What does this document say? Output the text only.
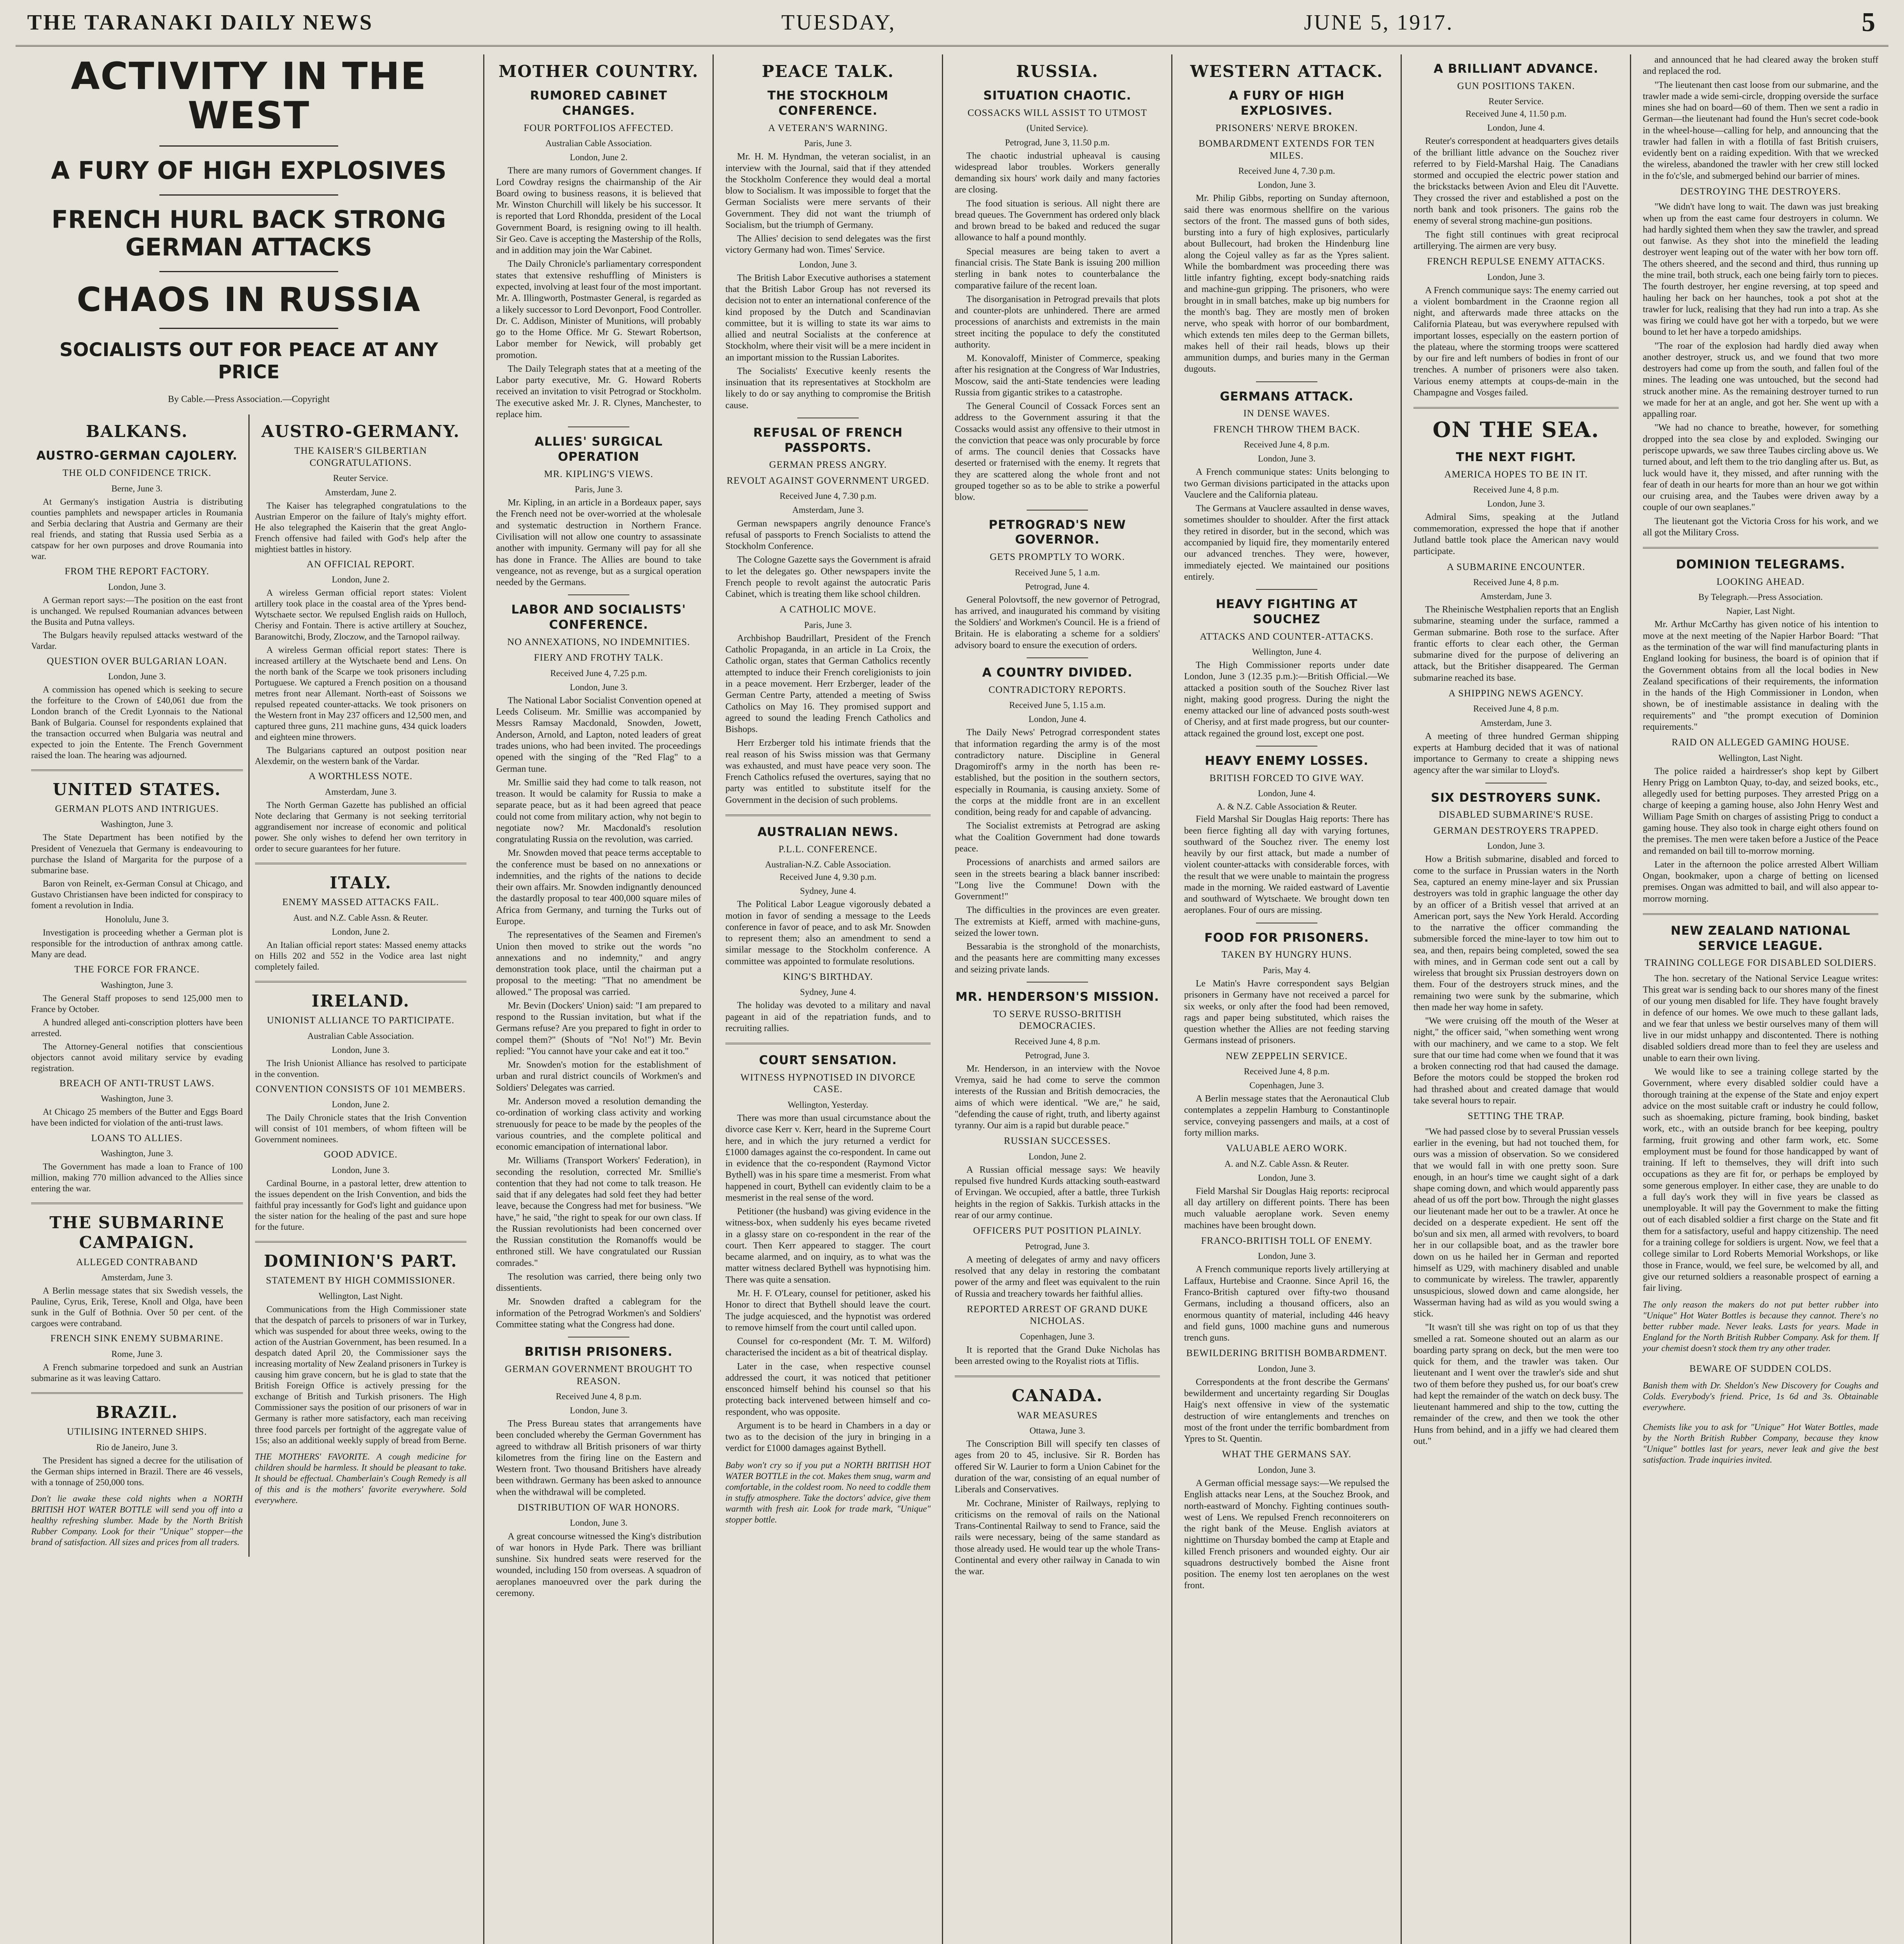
THE TARANAKI DAILY NEWS	TUESDAY,	JUNE 5, 1917.	5
ACTIVITY IN THE WEST
A FURY OF HIGH EXPLOSIVES
FRENCH HURL BACK STRONG GERMAN ATTACKS
CHAOS IN RUSSIA
SOCIALISTS OUT FOR PEACE AT ANY PRICE
By Cable.—Press Association.—Copyright
BALKANS.
AUSTRO-GERMAN CAJOLERY.
THE OLD CONFIDENCE TRICK.
Berne, June 3.

At Germany's instigation Austria is distributing counties pamphlets and newspaper articles in Roumania and Serbia declaring that Austria and Germany are their real friends, and stating that Russia used Serbia as a catspaw for her own purposes and drove Roumania into war.

FROM THE REPORT FACTORY.
London, June 3.

A German report says:—The position on the east front is unchanged. We repulsed Roumanian advances between the Busita and Putna valleys.

The Bulgars heavily repulsed attacks westward of the Vardar.

QUESTION OVER BULGARIAN LOAN.
London, June 3.

A commission has opened which is seeking to secure the forfeiture to the Crown of £40,061 due from the London branch of the Credit Lyonnais to the National Bank of Bulgaria. Counsel for respondents explained that the transaction occurred when Bulgaria was neutral and expected to join the Entente. The French Government raised the loan. The hearing was adjourned.

UNITED STATES.
GERMAN PLOTS AND INTRIGUES.
Washington, June 3.

The State Department has been notified by the President of Venezuela that Germany is endeavouring to purchase the Island of Margarita for the purpose of a submarine base.

Baron von Reinelt, ex-German Consul at Chicago, and Gustavo Christiansen have been indicted for conspiracy to foment a revolution in India.

Honolulu, June 3.

Investigation is proceeding whether a German plot is responsible for the introduction of anthrax among cattle. Many are dead.

THE FORCE FOR FRANCE.
Washington, June 3.

The General Staff proposes to send 125,000 men to France by October.

A hundred alleged anti-conscription plotters have been arrested.

The Attorney-General notifies that conscientious objectors cannot avoid military service by evading registration.

BREACH OF ANTI-TRUST LAWS.
Washington, June 3.

At Chicago 25 members of the Butter and Eggs Board have been indicted for violation of the anti-trust laws.

LOANS TO ALLIES.
Washington, June 3.

The Government has made a loan to France of 100 million, making 770 million advanced to the Allies since entering the war.

THE SUBMARINE CAMPAIGN.
ALLEGED CONTRABAND
Amsterdam, June 3.

A Berlin message states that six Swedish vessels, the Pauline, Cyrus, Erik, Terese, Knoll and Olga, have been sunk in the Gulf of Bothnia. Over 50 per cent. of the cargoes were contraband.

FRENCH SINK ENEMY SUBMARINE.
Rome, June 3.

A French submarine torpedoed and sunk an Austrian submarine as it was leaving Cattaro.

BRAZIL.
UTILISING INTERNED SHIPS.
Rio de Janeiro, June 3.

The President has signed a decree for the utilisation of the German ships interned in Brazil. There are 46 vessels, with a tonnage of 250,000 tons.

Don't lie awake these cold nights when a NORTH BRITISH HOT WATER BOTTLE will send you off into a healthy refreshing slumber. Made by the North British Rubber Company. Look for their "Unique" stopper—the brand of satisfaction. All sizes and prices from all traders.

AUSTRO-GERMANY.
THE KAISER'S GILBERTIAN CONGRATULATIONS.
Reuter Service.
Amsterdam, June 2.

The Kaiser has telegraphed congratulations to the Austrian Emperor on the failure of Italy's mighty effort. He also telegraphed the Kaiserin that the great Anglo-French offensive had failed with God's help after the mightiest battles in history.

AN OFFICIAL REPORT.
London, June 2.

A wireless German official report states: Violent artillery took place in the coastal area of the Ypres bend-Wytschaete sector. We repulsed English raids on Hulloch, Cherisy and Fontain. There is active artillery at Souchez, Baranowitchi, Brody, Zloczow, and the Tarnopol railway.

A wireless German official report states: There is increased artillery at the Wytschaete bend and Lens. On the north bank of the Scarpe we took prisoners including Portuguese. We captured a French position on a thousand metres front near Allemant. North-east of Soissons we repulsed repeated counter-attacks. We took prisoners on the Western front in May 237 officers and 12,500 men, and captured three guns, 211 machine guns, 434 quick loaders and eighteen mine throwers.

The Bulgarians captured an outpost position near Alexdemir, on the western bank of the Vardar.

A WORTHLESS NOTE.
Amsterdam, June 3.

The North German Gazette has published an official Note declaring that Germany is not seeking territorial aggrandisement nor increase of economic and political power. She only wishes to defend her own territory in order to secure guarantees for her future.

ITALY.
ENEMY MASSED ATTACKS FAIL.
Aust. and N.Z. Cable Assn. & Reuter.
London, June 2.

An Italian official report states: Massed enemy attacks on Hills 202 and 552 in the Vodice area last night completely failed.

IRELAND.
UNIONIST ALLIANCE TO PARTICIPATE.
Australian Cable Association.
London, June 3.

The Irish Unionist Alliance has resolved to participate in the convention.

CONVENTION CONSISTS OF 101 MEMBERS.
London, June 2.

The Daily Chronicle states that the Irish Convention will consist of 101 members, of whom fifteen will be Government nominees.

GOOD ADVICE.
London, June 3.

Cardinal Bourne, in a pastoral letter, drew attention to the issues dependent on the Irish Convention, and bids the faithful pray incessantly for God's light and guidance upon the sister nation for the healing of the past and sure hope for the future.

DOMINION'S PART.
STATEMENT BY HIGH COMMISSIONER.
Wellington, Last Night.

Communications from the High Commissioner state that the despatch of parcels to prisoners of war in Turkey, which was suspended for about three weeks, owing to the action of the Austrian Government, has been resumed. In a despatch dated April 20, the Commissioner says the increasing mortality of New Zealand prisoners in Turkey is causing him grave concern, but he is glad to state that the British Foreign Office is actively pressing for the exchange of British and Turkish prisoners. The High Commissioner says the position of our prisoners of war in Germany is rather more satisfactory, each man receiving three food parcels per fortnight of the aggregate value of 15s; also an additional weekly supply of bread from Berne.

THE MOTHERS' FAVORITE. A cough medicine for children should be harmless. It should be pleasant to take. It should be effectual. Chamberlain's Cough Remedy is all of this and is the mothers' favorite everywhere. Sold everywhere.

MOTHER COUNTRY.
RUMORED CABINET CHANGES.
FOUR PORTFOLIOS AFFECTED.
Australian Cable Association.
London, June 2.

There are many rumors of Government changes. If Lord Cowdray resigns the chairmanship of the Air Board owing to business reasons, it is believed that Mr. Winston Churchill will likely be his successor. It is reported that Lord Rhondda, president of the Local Government Board, is resigning owing to ill health. Sir Geo. Cave is accepting the Mastership of the Rolls, and in addition may join the War Cabinet.

The Daily Chronicle's parliamentary correspondent states that extensive reshuffling of Ministers is expected, involving at least four of the most important. Mr. A. Illingworth, Postmaster General, is regarded as a likely successor to Lord Devonport, Food Controller. Dr. C. Addison, Minister of Munitions, will probably go to the Home Office. Mr G. Stewart Robertson, Labor member for Newick, will probably get promotion.

The Daily Telegraph states that at a meeting of the Labor party executive, Mr. G. Howard Roberts received an invitation to visit Petrograd or Stockholm. The executive asked Mr. J. R. Clynes, Manchester, to replace him.

ALLIES' SURGICAL OPERATION
MR. KIPLING'S VIEWS.
Paris, June 3.

Mr. Kipling, in an article in a Bordeaux paper, says the French need not be over-worried at the wholesale and systematic destruction in Northern France. Civilisation will not allow one country to assassinate another with impunity. Germany will pay for all she has done in France. The Allies are bound to take vengeance, not as revenge, but as a surgical operation needed by the Germans.

LABOR AND SOCIALISTS' CONFERENCE.
NO ANNEXATIONS, NO INDEMNITIES.
FIERY AND FROTHY TALK.
Received June 4, 7.25 p.m.
London, June 3.

The National Labor Socialist Convention opened at Leeds Coliseum. Mr. Smillie was accompanied by Messrs Ramsay Macdonald, Snowden, Jowett, Anderson, Arnold, and Lapton, noted leaders of great trades unions, who had been invited. The proceedings opened with the singing of the "Red Flag" to a German tune.

Mr. Smillie said they had come to talk reason, not treason. It would be calamity for Russia to make a separate peace, but as it had been agreed that peace could not come from military action, why not begin to negotiate now? Mr. Macdonald's resolution congratulating Russia on the revolution, was carried.

Mr. Snowden moved that peace terms acceptable to the conference must be based on no annexations or indemnities, and the rights of the nations to decide their own affairs. Mr. Snowden indignantly denounced the dastardly proposal to tear 400,000 square miles of Africa from Germany, and turning the Turks out of Europe.

The representatives of the Seamen and Firemen's Union then moved to strike out the words "no annexations and no indemnity," and angry demonstration took place, until the chairman put a proposal to the meeting: "That no amendment be allowed." The proposal was carried.

Mr. Bevin (Dockers' Union) said: "I am prepared to respond to the Russian invitation, but what if the Germans refuse? Are you prepared to fight in order to compel them?" (Shouts of "No! No!") Mr. Bevin replied: "You cannot have your cake and eat it too."

Mr. Snowden's motion for the establishment of urban and rural district councils of Workmen's and Soldiers' Delegates was carried.

Mr. Anderson moved a resolution demanding the co-ordination of working class activity and working strenuously for peace to be made by the peoples of the various countries, and the complete political and economic emancipation of international labor.

Mr. Williams (Transport Workers' Federation), in seconding the resolution, corrected Mr. Smillie's contention that they had not come to talk treason. He said that if any delegates had sold feet they had better leave, because the Congress had met for business. "We have," he said, "the right to speak for our own class. If the Russian revolutionists had been concerned over the Russian constitution the Romanoffs would be enthroned still. We have congratulated our Russian comrades."

The resolution was carried, there being only two dissentients.

Mr. Snowden drafted a cablegram for the information of the Petrograd Workmen's and Soldiers' Committee stating what the Congress had done.

BRITISH PRISONERS.
GERMAN GOVERNMENT BROUGHT TO REASON.
Received June 4, 8 p.m.
London, June 3.

The Press Bureau states that arrangements have been concluded whereby the German Government has agreed to withdraw all British prisoners of war thirty kilometres from the firing line on the Eastern and Western front. Two thousand Britishers have already been withdrawn. Germany has been asked to announce when the withdrawal will be completed.

DISTRIBUTION OF WAR HONORS.
London, June 3.

A great concourse witnessed the King's distribution of war honors in Hyde Park. There was brilliant sunshine. Six hundred seats were reserved for the wounded, including 150 from overseas. A squadron of aeroplanes manoeuvred over the park during the ceremony.

PEACE TALK.
THE STOCKHOLM CONFERENCE.
A VETERAN'S WARNING.
Paris, June 3.

Mr. H. M. Hyndman, the veteran socialist, in an interview with the Journal, said that if they attended the Stockholm Conference they would deal a mortal blow to Socialism. It was impossible to forget that the German Socialists were mere servants of their Government. They did not want the triumph of Socialism, but the triumph of Germany.

The Allies' decision to send delegates was the first victory Germany had won. Times' Service.

London, June 3.

The British Labor Executive authorises a statement that the British Labor Group has not reversed its decision not to enter an international conference of the kind proposed by the Dutch and Scandinavian committee, but it is willing to state its war aims to allied and neutral Socialists at the conference at Stockholm, where their visit will be a mere incident in an important mission to the Russian Laborites.

The Socialists' Executive keenly resents the insinuation that its representatives at Stockholm are likely to do or say anything to compromise the British cause.

REFUSAL OF FRENCH PASSPORTS.
GERMAN PRESS ANGRY.
REVOLT AGAINST GOVERNMENT URGED.
Received June 4, 7.30 p.m.
Amsterdam, June 3.

German newspapers angrily denounce France's refusal of passports to French Socialists to attend the Stockholm Conference.

The Cologne Gazette says the Government is afraid to let the delegates go. Other newspapers invite the French people to revolt against the autocratic Paris Cabinet, which is treating them like school children.

A CATHOLIC MOVE.
Paris, June 3.

Archbishop Baudrillart, President of the French Catholic Propaganda, in an article in La Croix, the Catholic organ, states that German Catholics recently attempted to induce their French coreligionists to join in a peace movement. Herr Erzberger, leader of the German Centre Party, attended a meeting of Swiss Catholics on May 16. They promised support and agreed to sound the leading French Catholics and Bishops.

Herr Erzberger told his intimate friends that the real reason of his Swiss mission was that Germany was exhausted, and must have peace very soon. The French Catholics refused the overtures, saying that no party was entitled to substitute itself for the Government in the decision of such problems.

AUSTRALIAN NEWS.
P.L.L. CONFERENCE.
Australian-N.Z. Cable Association.
Received June 4, 9.30 p.m.
Sydney, June 4.

The Political Labor League vigorously debated a motion in favor of sending a message to the Leeds conference in favor of peace, and to ask Mr. Snowden to represent them; also an amendment to send a similar message to the Stockholm conference. A committee was appointed to formulate resolutions.

KING'S BIRTHDAY.
Sydney, June 4.

The holiday was devoted to a military and naval pageant in aid of the repatriation funds, and to recruiting rallies.

COURT SENSATION.
WITNESS HYPNOTISED IN DIVORCE CASE.
Wellington, Yesterday.

There was more than usual circumstance about the divorce case Kerr v. Kerr, heard in the Supreme Court here, and in which the jury returned a verdict for £1000 damages against the co-respondent. In came out in evidence that the co-respondent (Raymond Victor Bythell) was in his spare time a mesmerist. From what happened in court, Bythell can evidently claim to be a mesmerist in the real sense of the word.

Petitioner (the husband) was giving evidence in the witness-box, when suddenly his eyes became riveted in a glassy stare on co-respondent in the rear of the court. Then Kerr appeared to stagger. The court became alarmed, and on inquiry, as to what was the matter witness declared Bythell was hypnotising him. There was quite a sensation.

Mr. H. F. O'Leary, counsel for petitioner, asked his Honor to direct that Bythell should leave the court. The judge acquiesced, and the hypnotist was ordered to remove himself from the court until called upon.

Counsel for co-respondent (Mr. T. M. Wilford) characterised the incident as a bit of theatrical display.

Later in the case, when respective counsel addressed the court, it was noticed that petitioner ensconced himself behind his counsel so that his protecting back intervened between himself and co-respondent, who was opposite.

Argument is to be heard in Chambers in a day or two as to the decision of the jury in bringing in a verdict for £1000 damages against Bythell.

Baby won't cry so if you put a NORTH BRITISH HOT WATER BOTTLE in the cot. Makes them snug, warm and comfortable, in the coldest room. No need to coddle them in stuffy atmosphere. Take the doctors' advice, give them warmth with fresh air. Look for trade mark, "Unique" stopper bottle.

RUSSIA.
SITUATION CHAOTIC.
COSSACKS WILL ASSIST TO UTMOST
(United Service).
Petrograd, June 3, 11.50 p.m.

The chaotic industrial upheaval is causing widespread labor troubles. Workers generally demanding six hours' work daily and many factories are closing.

The food situation is serious. All night there are bread queues. The Government has ordered only black and brown bread to be baked and reduced the sugar allowance to half a pound monthly.

Special measures are being taken to avert a financial crisis. The State Bank is issuing 200 million sterling in bank notes to counterbalance the comparative failure of the recent loan.

The disorganisation in Petrograd prevails that plots and counter-plots are unhindered. There are armed processions of anarchists and extremists in the main street inciting the populace to defy the constituted authority.

M. Konovaloff, Minister of Commerce, speaking after his resignation at the Congress of War Industries, Moscow, said the anti-State tendencies were leading Russia from gigantic strikes to a catastrophe.

The General Council of Cossack Forces sent an address to the Government assuring it that the Cossacks would assist any offensive to their utmost in the conviction that peace was only procurable by force of arms. The council denies that Cossacks have deserted or fraternised with the enemy. It regrets that they are scattered along the whole front and not grouped together so as to be able to strike a powerful blow.

PETROGRAD'S NEW GOVERNOR.
GETS PROMPTLY TO WORK.
Received June 5, 1 a.m.
Petrograd, June 4.

General Polovtsoff, the new governor of Petrograd, has arrived, and inaugurated his command by visiting the Soldiers' and Workmen's Council. He is a friend of Britain. He is elaborating a scheme for a soldiers' advisory board to ensure the execution of orders.

A COUNTRY DIVIDED.
CONTRADICTORY REPORTS.
Received June 5, 1.15 a.m.
London, June 4.

The Daily News' Petrograd correspondent states that information regarding the army is of the most contradictory nature. Discipline in General Dragomiroff's army in the north has been re-established, but the position in the southern sectors, especially in Roumania, is causing anxiety. Some of the corps at the middle front are in an excellent condition, being ready for and capable of advancing.

The Socialist extremists at Petrograd are asking what the Coalition Government had done towards peace.

Processions of anarchists and armed sailors are seen in the streets bearing a black banner inscribed: "Long live the Commune! Down with the Government!"

The difficulties in the provinces are even greater. The extremists at Kieff, armed with machine-guns, seized the lower town.

Bessarabia is the stronghold of the monarchists, and the peasants here are committing many excesses and seizing private lands.

MR. HENDERSON'S MISSION.
TO SERVE RUSSO-BRITISH DEMOCRACIES.
Received June 4, 8 p.m.
Petrograd, June 3.

Mr. Henderson, in an interview with the Novoe Vremya, said he had come to serve the common interests of the Russian and British democracies, the aims of which were identical. "We are," he said, "defending the cause of right, truth, and liberty against tyranny. Our aim is a rapid but durable peace."

RUSSIAN SUCCESSES.
London, June 2.

A Russian official message says: We heavily repulsed five hundred Kurds attacking south-eastward of Ervingan. We occupied, after a battle, three Turkish heights in the region of Sakkis. Turkish attacks in the rear of our army continue.

OFFICERS PUT POSITION PLAINLY.
Petrograd, June 3.

A meeting of delegates of army and navy officers resolved that any delay in restoring the combatant power of the army and fleet was equivalent to the ruin of Russia and treachery towards her faithful allies.

REPORTED ARREST OF GRAND DUKE NICHOLAS.
Copenhagen, June 3.

It is reported that the Grand Duke Nicholas has been arrested owing to the Royalist riots at Tiflis.

CANADA.
WAR MEASURES
Ottawa, June 3.

The Conscription Bill will specify ten classes of ages from 20 to 45, inclusive. Sir R. Borden has offered Sir W. Laurier to form a Union Cabinet for the duration of the war, consisting of an equal number of Liberals and Conservatives.

Mr. Cochrane, Minister of Railways, replying to criticisms on the removal of rails on the National Trans-Continental Railway to send to France, said the rails were necessary, being of the same standard as those already used. He would tear up the whole Trans-Continental and every other railway in Canada to win the war.

WESTERN ATTACK.
A FURY OF HIGH EXPLOSIVES.
PRISONERS' NERVE BROKEN.
BOMBARDMENT EXTENDS FOR TEN MILES.
Received June 4, 7.30 p.m.
London, June 3.

Mr. Philip Gibbs, reporting on Sunday afternoon, said there was enormous shellfire on the various sectors of the front. The massed guns of both sides, bursting into a fury of high explosives, particularly about Bullecourt, had broken the Hindenburg line along the Cojeul valley as far as the Ypres salient. While the bombardment was proceeding there was little infantry fighting, except body-snatching raids and machine-gun gripping. The prisoners, who were brought in in small batches, make up big numbers for the month's bag. They are mostly men of broken nerve, who speak with horror of our bombardment, which extends ten miles deep to the German billets, makes hell of their rail heads, blows up their ammunition dumps, and buries many in the German dugouts.

GERMANS ATTACK.
IN DENSE WAVES.
FRENCH THROW THEM BACK.
Received June 4, 8 p.m.
London, June 3.

A French communique states: Units belonging to two German divisions participated in the attacks upon Vauclere and the California plateau.

The Germans at Vauclere assaulted in dense waves, sometimes shoulder to shoulder. After the first attack they retired in disorder, but in the second, which was accompanied by liquid fire, they momentarily entered our advanced trenches. They were, however, immediately ejected. We maintained our positions entirely.

HEAVY FIGHTING AT SOUCHEZ
ATTACKS AND COUNTER-ATTACKS.
Wellington, June 4.

The High Commissioner reports under date London, June 3 (12.35 p.m.):—British Official.—We attacked a position south of the Souchez River last night, making good progress. During the night the enemy attacked our line of advanced posts south-west of Cherisy, and at first made progress, but our counter-attack regained the ground lost, except one post.

HEAVY ENEMY LOSSES.
BRITISH FORCED TO GIVE WAY.
London, June 4.
A. & N.Z. Cable Association & Reuter.

Field Marshal Sir Douglas Haig reports: There has been fierce fighting all day with varying fortunes, southward of the Souchez river. The enemy lost heavily by our first attack, but made a number of violent counter-attacks with considerable forces, with the result that we were unable to maintain the progress made in the morning. We raided eastward of Laventie and southward of Wytschaete. We brought down ten aeroplanes. Four of ours are missing.

FOOD FOR PRISONERS.
TAKEN BY HUNGRY HUNS.
Paris, May 4.

Le Matin's Havre correspondent says Belgian prisoners in Germany have not received a parcel for six weeks, or only after the food had been removed, rags and paper being substituted, which raises the question whether the Allies are not feeding starving Germans instead of prisoners.

NEW ZEPPELIN SERVICE.
Received June 4, 8 p.m.
Copenhagen, June 3.

A Berlin message states that the Aeronautical Club contemplates a zeppelin Hamburg to Constantinople service, conveying passengers and mails, at a cost of forty million marks.

VALUABLE AERO WORK.
A. and N.Z. Cable Assn. & Reuter.
London, June 3.

Field Marshal Sir Douglas Haig reports: reciprocal all day artillery on different points. There has been much valuable aeroplane work. Seven enemy machines have been brought down.

FRANCO-BRITISH TOLL OF ENEMY.
London, June 3.

A French communique reports lively artillerying at Laffaux, Hurtebise and Craonne. Since April 16, the Franco-British captured over fifty-two thousand Germans, including a thousand officers, also an enormous quantity of material, including 446 heavy and field guns, 1000 machine guns and numerous trench guns.

BEWILDERING BRITISH BOMBARDMENT.
London, June 3.

Correspondents at the front describe the Germans' bewilderment and uncertainty regarding Sir Douglas Haig's next offensive in view of the systematic destruction of wire entanglements and trenches on most of the front under the terrific bombardment from Ypres to St. Quentin.

WHAT THE GERMANS SAY.
London, June 3.

A German official message says:—We repulsed the English attacks near Lens, at the Souchez Brook, and north-eastward of Monchy. Fighting continues south-west of Lens. We repulsed French reconnoiterers on the right bank of the Meuse. English aviators at nighttime on Thursday bombed the camp at Etaple and killed French prisoners and wounded eighty. Our air squadrons destructively bombed the Aisne front position. The enemy lost ten aeroplanes on the west front.

A BRILLIANT ADVANCE.
GUN POSITIONS TAKEN.
Reuter Service.
Received June 4, 11.50 p.m.
London, June 4.

Reuter's correspondent at headquarters gives details of the brilliant little advance on the Souchez river referred to by Field-Marshal Haig. The Canadians stormed and occupied the electric power station and the brickstacks between Avion and Eleu dit l'Auvette. They crossed the river and established a post on the north bank and took prisoners. The gains rob the enemy of several strong machine-gun positions.

The fight still continues with great reciprocal artillerying. The airmen are very busy.

FRENCH REPULSE ENEMY ATTACKS.
London, June 3.

A French communique says: The enemy carried out a violent bombardment in the Craonne region all night, and afterwards made three attacks on the California Plateau, but was everywhere repulsed with important losses, especially on the eastern portion of the plateau, where the storming troops were scattered by our fire and left numbers of bodies in front of our trenches. A number of prisoners were also taken. Various enemy attempts at coups-de-main in the Champagne and Vosges failed.

ON THE SEA.
THE NEXT FIGHT.
AMERICA HOPES TO BE IN IT.
Received June 4, 8 p.m.
London, June 3.

Admiral Sims, speaking at the Jutland commemoration, expressed the hope that if another Jutland battle took place the American navy would participate.

A SUBMARINE ENCOUNTER.
Received June 4, 8 p.m.
Amsterdam, June 3.

The Rheinische Westphalien reports that an English submarine, steaming under the surface, rammed a German submarine. Both rose to the surface. After frantic efforts to clear each other, the German submarine dived for the purpose of delivering an attack, but the Britisher disappeared. The German submarine reached its base.

A SHIPPING NEWS AGENCY.
Received June 4, 8 p.m.
Amsterdam, June 3.

A meeting of three hundred German shipping experts at Hamburg decided that it was of national importance to Germany to create a shipping news agency after the war similar to Lloyd's.

SIX DESTROYERS SUNK.
DISABLED SUBMARINE'S RUSE.
GERMAN DESTROYERS TRAPPED.
London, June 3.

How a British submarine, disabled and forced to come to the surface in Prussian waters in the North Sea, captured an enemy mine-layer and six Prussian destroyers was told in graphic language the other day by an officer of a British vessel that arrived at an American port, says the New York Herald. According to the narrative the officer commanding the submersible forced the mine-layer to tow him out to sea, and then, repairs being completed, sowed the sea with mines, and in German code sent out a call by wireless that brought six Prussian destroyers down on them. Four of the destroyers struck mines, and the remaining two were sunk by the submarine, which then made her way home in safety.

"We were cruising off the mouth of the Weser at night," the officer said, "when something went wrong with our machinery, and we came to a stop. We felt sure that our time had come when we found that it was a broken connecting rod that had caused the damage. Before the motors could be stopped the broken rod had thrashed about and created damage that would take several hours to repair.

SETTING THE TRAP.

"We had passed close by to several Prussian vessels earlier in the evening, but had not touched them, for ours was a mission of observation. So we considered that we would fall in with one pretty soon. Sure enough, in an hour's time we caught sight of a dark shape coming down, and which would apparently pass ahead of us off the port bow. Through the night glasses our lieutenant made her out to be a trawler. At once he decided on a desperate expedient. He sent off the bo'sun and six men, all armed with revolvers, to board her in our collapsible boat, and as the trawler bore down on us he hailed her in German and reported himself as U29, with machinery disabled and unable to communicate by wireless. The trawler, apparently unsuspicious, slowed down and came alongside, her Wasserman having had as wild as you would swing a stick.

"It wasn't till she was right on top of us that they smelled a rat. Someone shouted out an alarm as our boarding party sprang on deck, but the men were too quick for them, and the trawler was taken. Our lieutenant and I went over the trawler's side and shut two of them before they pushed us, for our boat's crew had kept the remainder of the watch on deck busy. The lieutenant hammered and ship to the tow, cutting the remainder of the crew, and then we took the other Huns from behind, and in a jiffy we had cleared them out."

and announced that he had cleared away the broken stuff and replaced the rod.

"The lieutenant then cast loose from our submarine, and the trawler made a wide semi-circle, dropping overside the surface mines she had on board—60 of them. Then we sent a radio in German—the lieutenant had found the Hun's secret code-book in the wheel-house—calling for help, and announcing that the trawler had fallen in with a flotilla of fast British cruisers, evidently bent on a raiding expedition. With that we wrecked the wireless, abandoned the trawler with her crew still locked in the fo'c'sle, and submerged behind our barrier of mines.

DESTROYING THE DESTROYERS.

"We didn't have long to wait. The dawn was just breaking when up from the east came four destroyers in column. We had hardly sighted them when they saw the trawler, and spread out fanwise. As they shot into the minefield the leading destroyer went leaping out of the water with her bow torn off. The others sheered, and the second and third, thus running up the mine trail, both struck, each one being fairly torn to pieces. The fourth destroyer, her engine reversing, at top speed and hauling her back on her haunches, took a pot shot at the trawler for luck, realising that they had run into a trap. As she was firing we could have got her with a torpedo, but we were bound to let her have a torpedo amidships.

"The roar of the explosion had hardly died away when another destroyer, struck us, and we found that two more destroyers had come up from the south, and fallen foul of the mines. The leading one was untouched, but the second had struck another mine. As the remaining destroyer turned to run we made for her at an angle, and got her. She went up with a appalling roar.

"We had no chance to breathe, however, for something dropped into the sea close by and exploded. Swinging our periscope upwards, we saw three Taubes circling above us. We turned about, and left them to the trio dangling after us. But, as luck would have it, they missed, and after running with the fear of death in our hearts for more than an hour we got within our cruising area, and the Taubes were driven away by a couple of our own seaplanes."

The lieutenant got the Victoria Cross for his work, and we all got the Military Cross.

DOMINION TELEGRAMS.
LOOKING AHEAD.
By Telegraph.—Press Association.
Napier, Last Night.

Mr. Arthur McCarthy has given notice of his intention to move at the next meeting of the Napier Harbor Board: "That as the termination of the war will find manufacturing plants in England looking for business, the board is of opinion that if the Government obtains from all the local bodies in New Zealand specifications of their requirements, the information in the hands of the High Commissioner in London, when shown, be of inestimable assistance in dealing with the requirements" and "the prompt execution of Dominion requirements."

RAID ON ALLEGED GAMING HOUSE.
Wellington, Last Night.

The police raided a hairdresser's shop kept by Gilbert Henry Prigg on Lambton Quay, to-day, and seized books, etc., allegedly used for betting purposes. They arrested Prigg on a charge of keeping a gaming house, also John Henry West and William Page Smith on charges of assisting Prigg to conduct a gaming house. They also took in charge eight others found on the premises. The men were taken before a Justice of the Peace and remanded on bail till to-morrow morning.

Later in the afternoon the police arrested Albert William Ongan, bookmaker, upon a charge of betting on licensed premises. Ongan was admitted to bail, and will also appear to-morrow morning.

NEW ZEALAND NATIONAL SERVICE LEAGUE.
TRAINING COLLEGE FOR DISABLED SOLDIERS.

The hon. secretary of the National Service League writes: This great war is sending back to our shores many of the finest of our young men disabled for life. They have fought bravely in defence of our homes. We owe much to these gallant lads, and we fear that unless we bestir ourselves many of them will live in our midst unhappy and discontented. There is nothing disabled soldiers dread more than to feel they are useless and unable to earn their own living.

We would like to see a training college started by the Government, where every disabled soldier could have a thorough training at the expense of the State and enjoy expert advice on the most suitable craft or industry he could follow, such as shoemaking, picture framing, book binding, basket work, etc., with an outside branch for bee keeping, poultry farming, fruit growing and other farm work, etc. Some employment must be found for those handicapped by want of training. If left to themselves, they will drift into such occupations as they are fit for, or perhaps be employed by some generous employer. In either case, they are unable to do a full day's work they will in five years be classed as unemployable. It will pay the Government to make the fitting out of each disabled soldier a first charge on the State and fit them for a satisfactory, useful and happy citizenship. The need for a training college for soldiers is urgent. Now, we feel that a college similar to Lord Roberts Memorial Workshops, or like those in France, would, we feel sure, be welcomed by all, and give our returned soldiers a reasonable prospect of earning a fair living.

The only reason the makers do not put better rubber into "Unique" Hot Water Bottles is because they cannot. There's no better rubber made. Never leaks. Lasts for years. Made in England for the North British Rubber Company. Ask for them. If your chemist doesn't stock them try any other trader.

BEWARE OF SUDDEN COLDS.

Banish them with Dr. Sheldon's New Discovery for Coughs and Colds. Everybody's friend. Price, 1s 6d and 3s. Obtainable everywhere.

Chemists like you to ask for "Unique" Hot Water Bottles, made by the North British Rubber Company, because they know "Unique" bottles last for years, never leak and give the best satisfaction. Trade inquiries invited.
